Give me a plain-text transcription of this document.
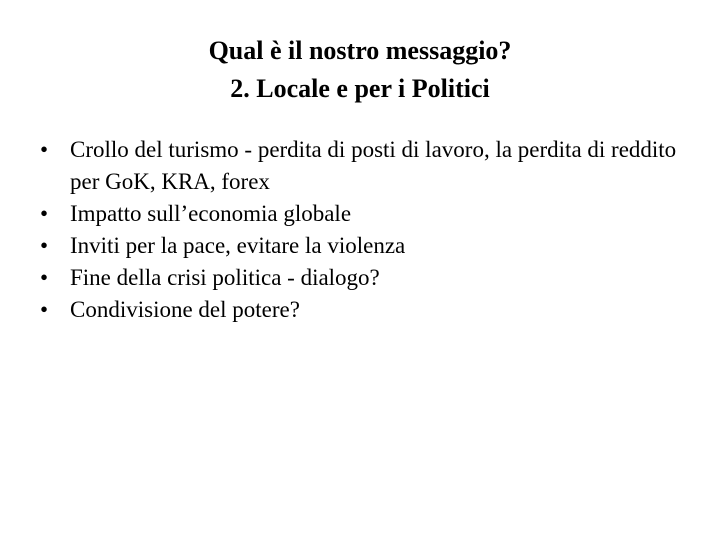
Qual è il nostro messaggio?
2. Locale e per i Politici
• Crollo del turismo - perdita di posti di lavoro, la perdita di reddito per GoK, KRA, forex
• Impatto sull’economia globale
• Inviti per la pace, evitare la violenza
• Fine della crisi politica - dialogo?
• Condivisione del potere?
